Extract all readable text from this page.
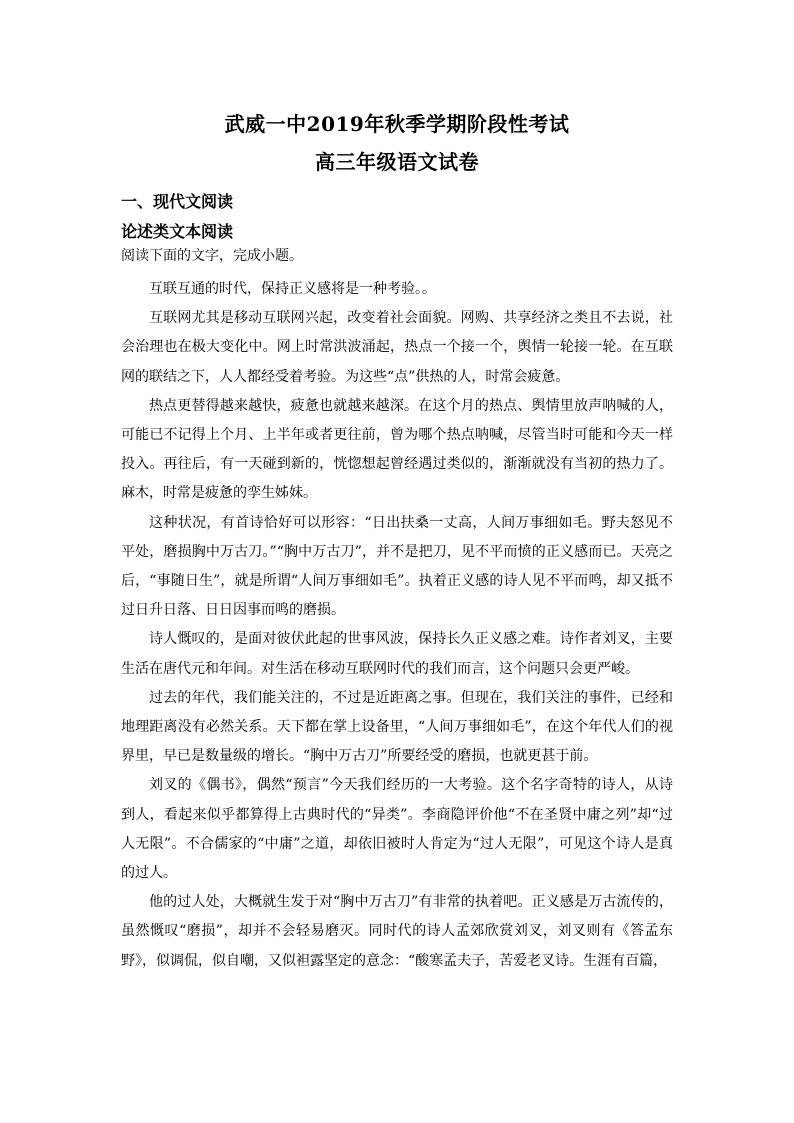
武威一中2019年秋季学期阶段性考试
高三年级语文试卷
一、现代文阅读
论述类文本阅读
阅读下面的文字，完成小题。

互联互通的时代，保持正义感将是一种考验。。

互联网尤其是移动互联网兴起，改变着社会面貌。网购、共享经济之类且不去说，社会治理也在极大变化中。网上时常洪波涌起，热点一个接一个，舆情一轮接一轮。在互联网的联结之下，人人都经受着考验。为这些“点”供热的人，时常会疲惫。

热点更替得越来越快，疲惫也就越来越深。在这个月的热点、舆情里放声呐喊的人，可能已不记得上个月、上半年或者更往前，曾为哪个热点呐喊，尽管当时可能和今天一样投入。再往后，有一天碰到新的，恍惚想起曾经遇过类似的，渐渐就没有当初的热力了。麻木，时常是疲惫的孪生姊妹。

这种状况，有首诗恰好可以形容：“日出扶桑一丈高，人间万事细如毛。野夫怒见不平处，磨损胸中万古刀。”“胸中万古刀”，并不是把刀，见不平而愤的正义感而已。天亮之后，“事随日生”，就是所谓“人间万事细如毛”。执着正义感的诗人见不平而鸣，却又抵不过日升日落、日日因事而鸣的磨损。

诗人慨叹的，是面对彼伏此起的世事风波，保持长久正义感之难。诗作者刘叉，主要生活在唐代元和年间。对生活在移动互联网时代的我们而言，这个问题只会更严峻。

过去的年代，我们能关注的，不过是近距离之事。但现在，我们关注的事件，已经和地理距离没有必然关系。天下都在掌上设备里，“人间万事细如毛”，在这个年代人们的视界里，早已是数量级的增长。“胸中万古刀”所要经受的磨损，也就更甚于前。

刘叉的《偶书》，偶然“预言”今天我们经历的一大考验。这个名字奇特的诗人，从诗到人，看起来似乎都算得上古典时代的“异类”。李商隐评价他“不在圣贤中庸之列”却“过人无限”。不合儒家的“中庸”之道，却依旧被时人肯定为“过人无限”，可见这个诗人是真的过人。

他的过人处，大概就生发于对“胸中万古刀”有非常的执着吧。正义感是万古流传的，虽然慨叹“磨损”，却并不会轻易磨灭。同时代的诗人孟郊欣赏刘叉，刘叉则有《答孟东野》，似调侃，似自嘲，又似袒露坚定的意念：“酸寒孟夫子，苦爱老叉诗。生涯有百篇，
